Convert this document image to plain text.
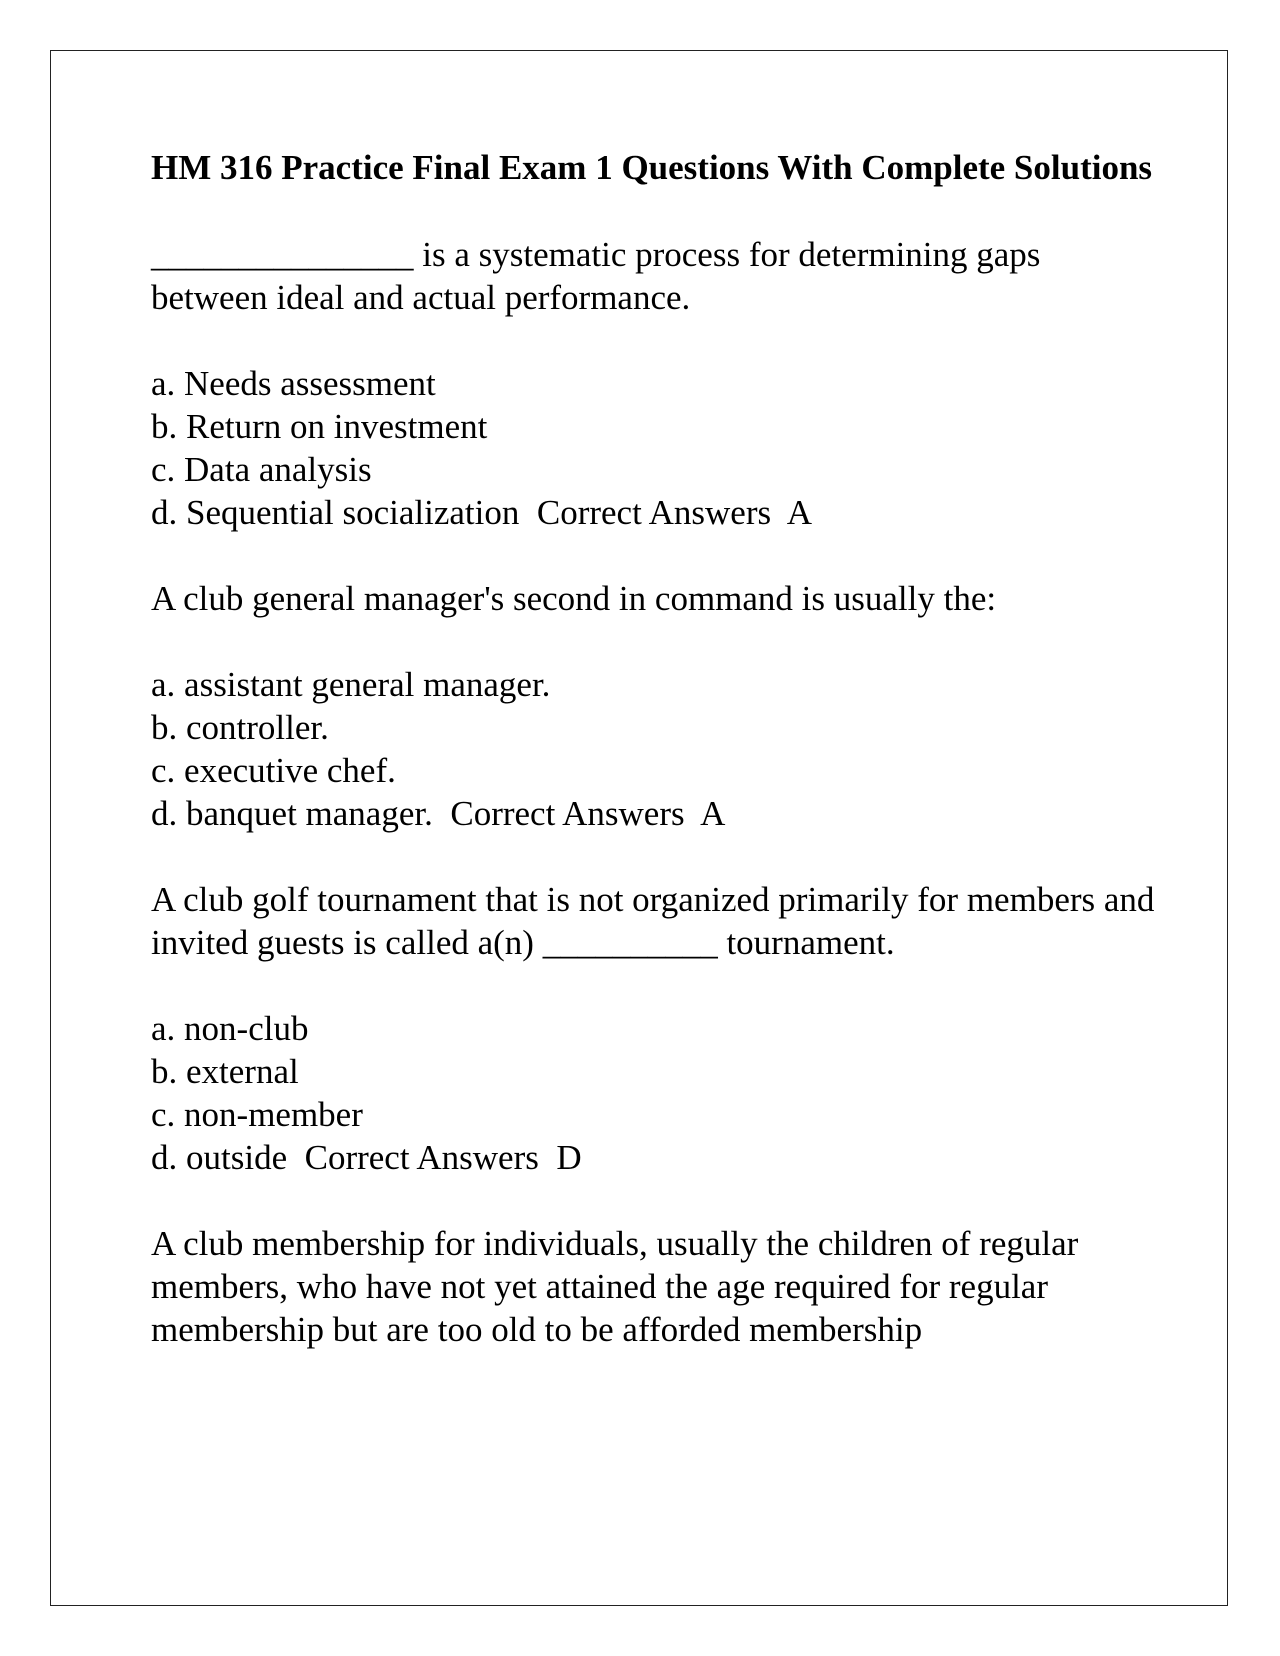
HM 316 Practice Final Exam 1 Questions With Complete Solutions

_______________ is a systematic process for determining gaps between ideal and actual performance.

a. Needs assessment
b. Return on investment
c. Data analysis
d. Sequential socialization  Correct Answers  A

A club general manager's second in command is usually the:

a. assistant general manager.
b. controller.
c. executive chef.
d. banquet manager.  Correct Answers  A

A club golf tournament that is not organized primarily for members and invited guests is called a(n) __________ tournament.

a. non-club
b. external
c. non-member
d. outside  Correct Answers  D

A club membership for individuals, usually the children of regular members, who have not yet attained the age required for regular membership but are too old to be afforded membership
